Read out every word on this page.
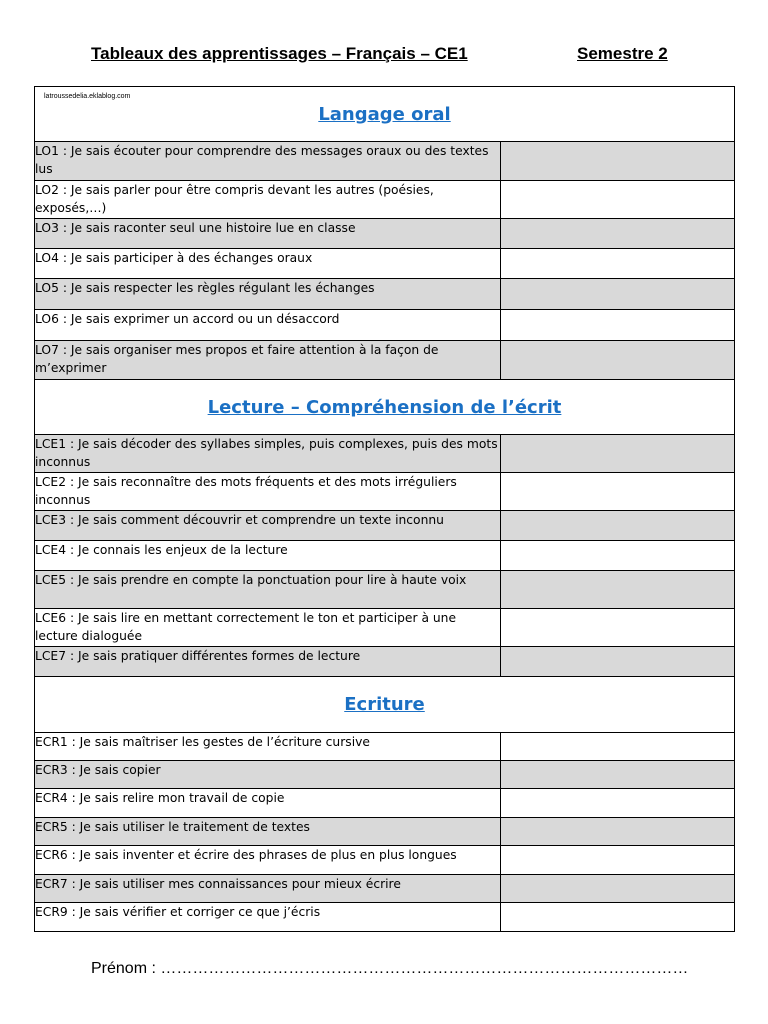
Tableaux des apprentissages – Français – CE1	Semestre 2
latroussedelia.eklablog.com
Langage oral	
LO1 : Je sais écouter pour comprendre des messages oraux ou des textes lus	
LO2 : Je sais parler pour être compris devant les autres (poésies, exposés,…)	
LO3 : Je sais raconter seul une histoire lue en classe	
LO4 : Je sais participer à des échanges oraux	
LO5 : Je sais respecter les règles régulant les échanges	
LO6 : Je sais exprimer un accord ou un désaccord	
LO7 : Je sais organiser mes propos et faire attention à la façon de m’exprimer	
Lecture – Compréhension de l’écrit	
LCE1 : Je sais décoder des syllabes simples, puis complexes, puis des mots inconnus	
LCE2 : Je sais reconnaître des mots fréquents et des mots irréguliers inconnus	
LCE3 : Je sais comment découvrir et comprendre un texte inconnu	
LCE4 : Je connais les enjeux de la lecture	
LCE5 : Je sais prendre en compte la ponctuation pour lire à haute voix	
LCE6 : Je sais lire en mettant correctement le ton et participer à une lecture dialoguée	
LCE7 : Je sais pratiquer différentes formes de lecture	
Ecriture	
ECR1 : Je sais maîtriser les gestes de l’écriture cursive	
ECR3 : Je sais copier	
ECR4 : Je sais relire mon travail de copie	
ECR5 : Je sais utiliser le traitement de textes	
ECR6 : Je sais inventer et écrire des phrases de plus en plus longues	
ECR7 : Je sais utiliser mes connaissances pour mieux écrire	
ECR9 : Je sais vérifier et corriger ce que j’écris	
Prénom : ………………………………………………………………………………………
